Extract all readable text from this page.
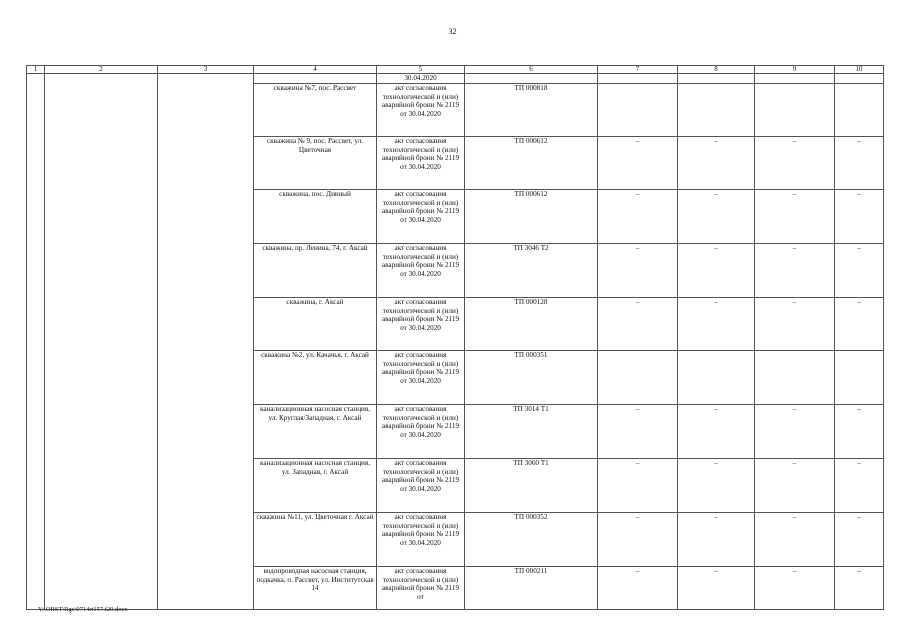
32
1	2	3	4	5	6	7	8	9	10
				30.04.2020					
			скважина №7, пос. Рассвет	акт согласования технологической и (или) аварийной брони № 2119 от 30.04.2020	ТП 000818				
			скважина № 9, пос. Рассвет, ул. Цветочная	акт согласования технологической и (или) аварийной брони № 2119 от 30.04.2020	ТП 000612	–	–	–	–
			скважина, пос. Дивный	акт согласования технологической и (или) аварийной брони № 2119 от 30.04.2020	ТП 000612	–	–	–	–
			скважина, пр. Ленина, 74, г. Аксай	акт согласования технологической и (или) аварийной брони № 2119 от 30.04.2020	ТП 3046 Т2	–	–	–	–
			скважина, г. Аксай	акт согласования технологической и (или) аварийной брони № 2119 от 30.04.2020	ТП 000128	–	–	–	–
			скважина №2, ул. Качачья, г. Аксай	акт согласования технологической и (или) аварийной брони № 2119 от 30.04.2020	ТП 000351				
			канализационная насосная станция, ул. Круглая/Западная, г. Аксай	акт согласования технологической и (или) аварийной брони № 2119 от 30.04.2020	ТП 3014 Т1	–	–	–	–
			канализационная насосная станция, ул. Западная, г. Аксай	акт согласования технологической и (или) аварийной брони № 2119 от 30.04.2020	ТП 3060 Т1	–	–	–	–
			скважина №11, ул. Цветочная г. Аксай	акт согласования технологической и (или) аварийной брони № 2119 от 30.04.2020	ТП 000352	–	–	–	–
			водопроводная насосная станция, подкачка, п. Рассвет, ул. Институтская 14	акт согласования технологической и (или) аварийной брони № 2119 от	ТП 000211	–	–	–	–
Y:\ORST\Rgc\0714rt157.f20.docx
